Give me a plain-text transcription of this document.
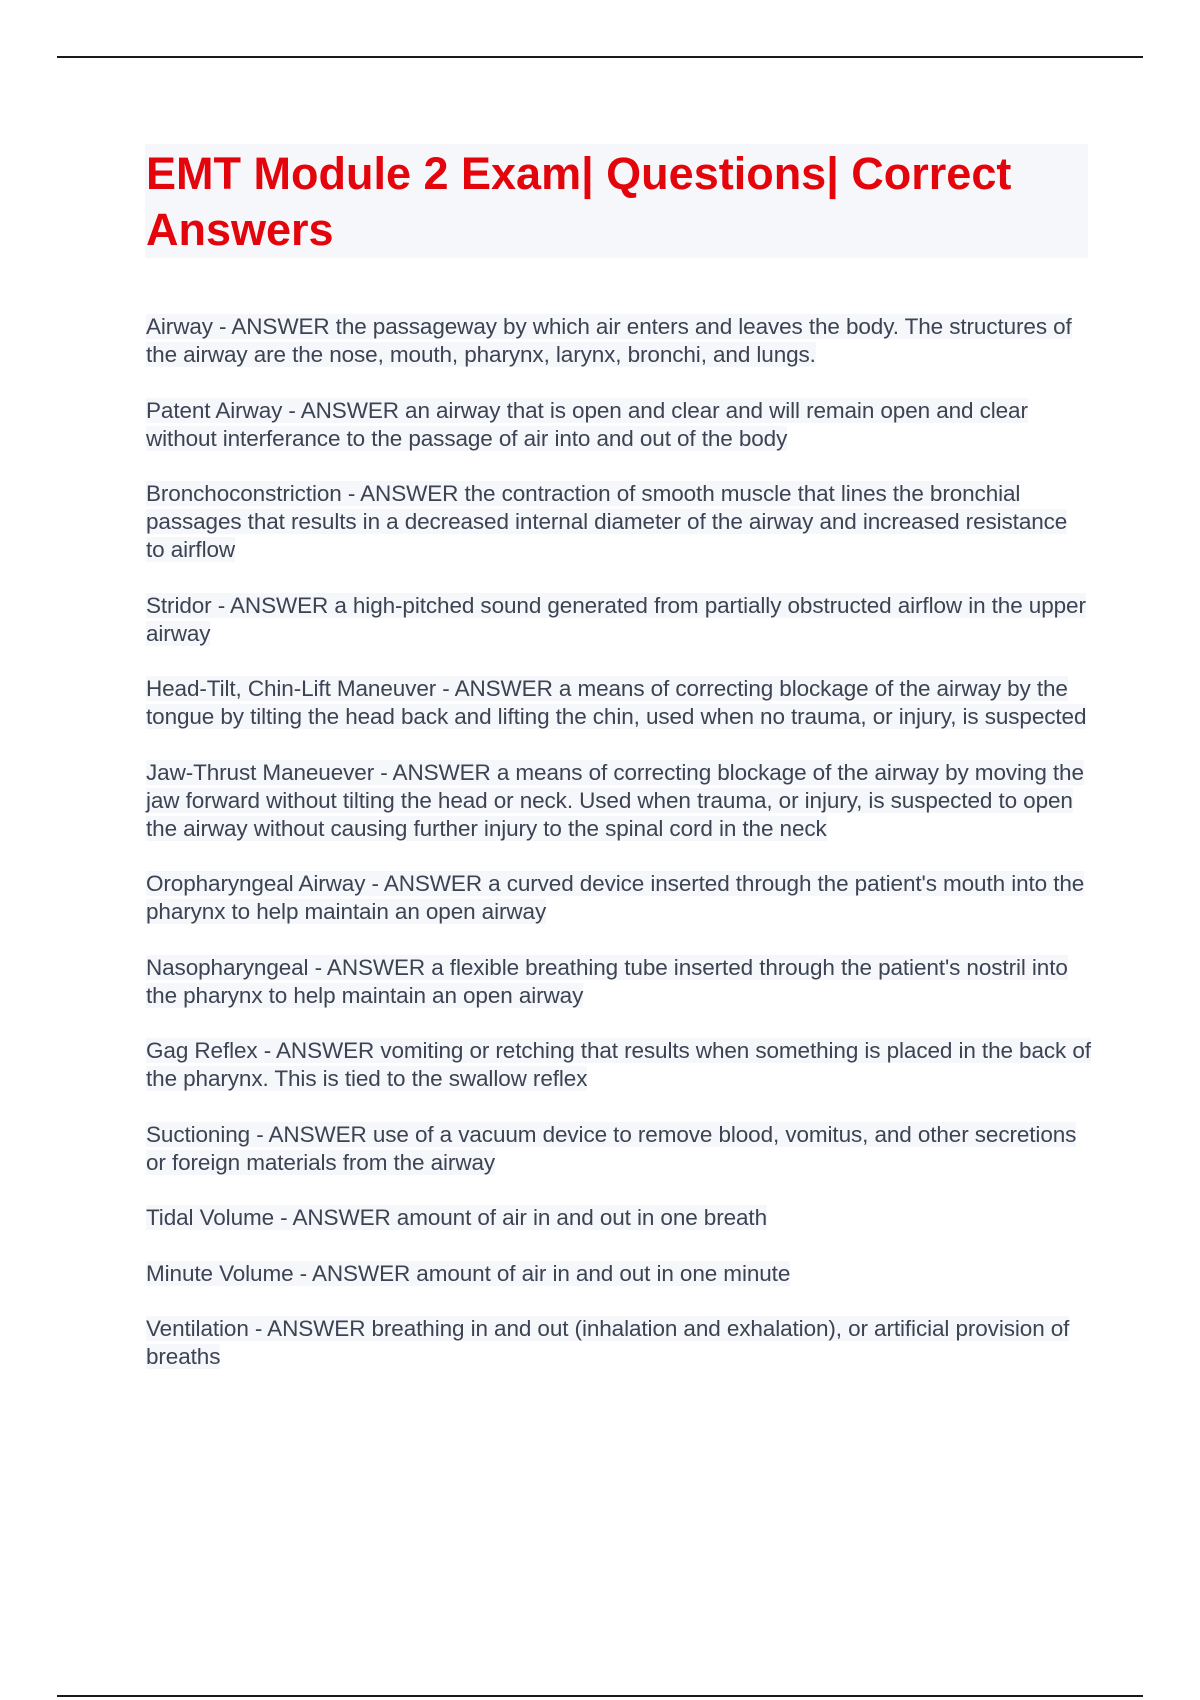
EMT Module 2 Exam| Questions| Correct Answers
Airway - ANSWER the passageway by which air enters and leaves the body. The structures of the airway are the nose, mouth, pharynx, larynx, bronchi, and lungs.
Patent Airway - ANSWER an airway that is open and clear and will remain open and clear without interferance to the passage of air into and out of the body
Bronchoconstriction - ANSWER the contraction of smooth muscle that lines the bronchial passages that results in a decreased internal diameter of the airway and increased resistance to airflow
Stridor - ANSWER a high-pitched sound generated from partially obstructed airflow in the upper airway
Head-Tilt, Chin-Lift Maneuver - ANSWER a means of correcting blockage of the airway by the tongue by tilting the head back and lifting the chin, used when no trauma, or injury, is suspected
Jaw-Thrust Maneuever - ANSWER a means of correcting blockage of the airway by moving the jaw forward without tilting the head or neck. Used when trauma, or injury, is suspected to open the airway without causing further injury to the spinal cord in the neck
Oropharyngeal Airway - ANSWER a curved device inserted through the patient's mouth into the pharynx to help maintain an open airway
Nasopharyngeal - ANSWER a flexible breathing tube inserted through the patient's nostril into the pharynx to help maintain an open airway
Gag Reflex - ANSWER vomiting or retching that results when something is placed in the back of the pharynx. This is tied to the swallow reflex
Suctioning - ANSWER use of a vacuum device to remove blood, vomitus, and other secretions or foreign materials from the airway
Tidal Volume - ANSWER amount of air in and out in one breath
Minute Volume - ANSWER amount of air in and out in one minute
Ventilation - ANSWER breathing in and out (inhalation and exhalation), or artificial provision of breaths
